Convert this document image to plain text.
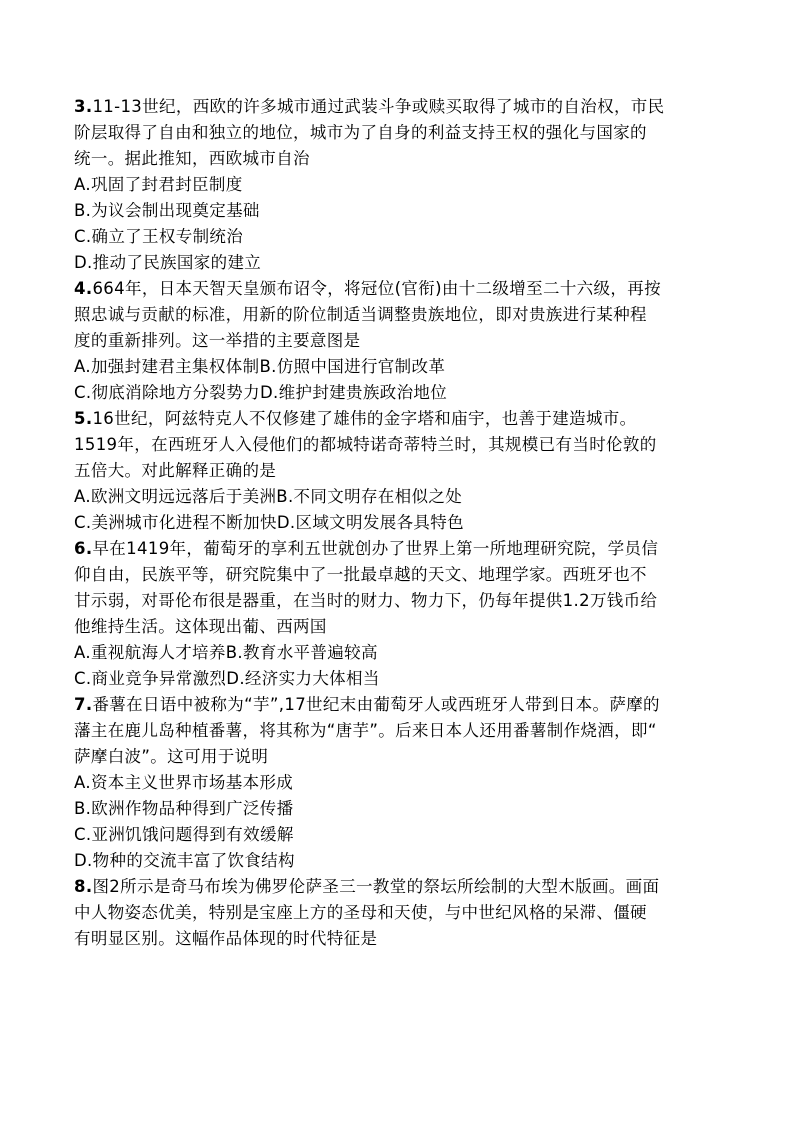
3.11-13世纪，西欧的许多城市通过武装斗争或赎买取得了城市的自治权，市民
阶层取得了自由和独立的地位，城市为了自身的利益支持王权的强化与国家的
统一。据此推知，西欧城市自治
A.巩固了封君封臣制度
B.为议会制出现奠定基础
C.确立了王权专制统治
D.推动了民族国家的建立
4.664年，日本天智天皇颁布诏令，将冠位(官衔)由十二级增至二十六级，再按
照忠诚与贡献的标准，用新的阶位制适当调整贵族地位，即对贵族进行某种程
度的重新排列。这一举措的主要意图是
A.加强封建君主集权体制B.仿照中国进行官制改革
C.彻底消除地方分裂势力D.维护封建贵族政治地位
5.16世纪，阿兹特克人不仅修建了雄伟的金字塔和庙宇，也善于建造城市。
1519年，在西班牙人入侵他们的都城特诺奇蒂特兰时，其规模已有当时伦敦的
五倍大。对此解释正确的是
A.欧洲文明远远落后于美洲B.不同文明存在相似之处
C.美洲城市化进程不断加快D.区域文明发展各具特色
6.早在1419年，葡萄牙的享利五世就创办了世界上第一所地理研究院，学员信
仰自由，民族平等，研究院集中了一批最卓越的天文、地理学家。西班牙也不
甘示弱，对哥伦布很是器重，在当时的财力、物力下，仍每年提供1.2万钱币给
他维持生活。这体现出葡、西两国
A.重视航海人才培养B.教育水平普遍较高
C.商业竞争异常激烈D.经济实力大体相当
7.番薯在日语中被称为“芋”,17世纪末由葡萄牙人或西班牙人带到日本。萨摩的
藩主在鹿儿岛种植番薯，将其称为“唐芋”。后来日本人还用番薯制作烧酒，即“
萨摩白波”。这可用于说明
A.资本主义世界市场基本形成
B.欧洲作物品种得到广泛传播
C.亚洲饥饿问题得到有效缓解
D.物种的交流丰富了饮食结构
8.图2所示是奇马布埃为佛罗伦萨圣三一教堂的祭坛所绘制的大型木版画。画面
中人物姿态优美，特别是宝座上方的圣母和天使，与中世纪风格的呆滞、僵硬
有明显区别。这幅作品体现的时代特征是
